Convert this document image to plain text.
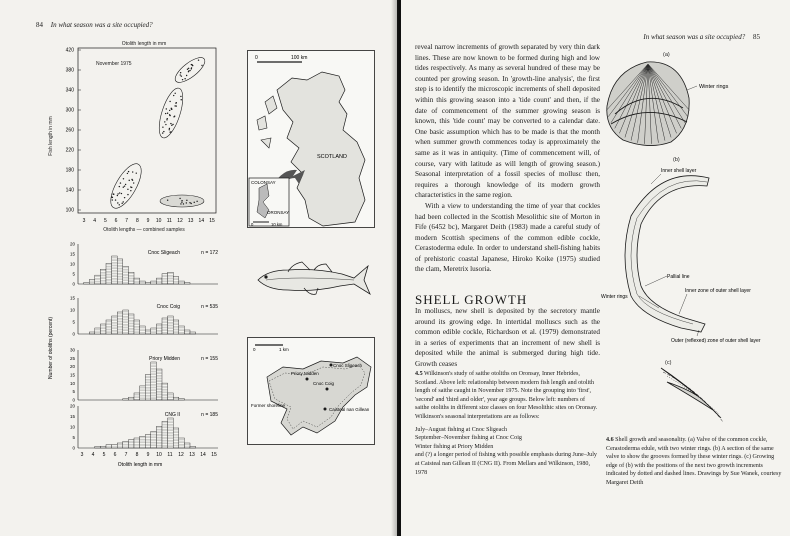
84 In what season was a site occupied?
Otolith length in mm
November 1975
Fish length in mm
Otolith lengths — combined samples
420
380
340
300
260
220
180
140
100
3 4 5 6 7 8 9 10 11 12 13 14 15
Number of otoliths (percent)
20
15
10
5
0
Cnoc Sligeach	n = 172
15
10
5
0
Cnoc Coig	n = 535
30
25
20
15
10
5
0
Priory Midden	n = 155
20
15
10
5
0
CNG II	n = 185
3 4 5 6 7 8 9 10 11 12 13 14 15
Otolith length in mm
0	100 km
SCOTLAND
COLONSAY
ORONSAY
0	10 km
0	1 km
Cnoc Sligeach
Priory Midden
Cnoc Coig
Caisteal nan Gillean
Former shoreline
In what season was a site occupied? 85

reveal narrow increments of growth separated by very thin dark lines. These are now known to be formed during high and low tides respectively. As many as several hundred of these may be counted per growing season. In 'growth-line analysis', the first step is to identify the microscopic increments of shell deposited within this growing season into a 'tide count' and then, if the date of commencement of the summer growing season is known, this 'tide count' may be converted to a calendar date. One basic assumption which has to be made is that the month when summer growth commences today is approximately the same as it was in antiquity. (Time of commencement will, of course, vary with latitude as will length of growing season.) Seasonal interpretation of a fossil species of mollusc then, requires a thorough knowledge of its modern growth characteristics in the same region.

With a view to understanding the time of year that cockles had been collected in the Scottish Mesolithic site of Morton in Fife (6452 bc), Margaret Deith (1983) made a careful study of modern Scottish specimens of the common edible cockle, Cerastoderma edule. In order to understand shell-fishing habits of prehistoric coastal Japanese, Hiroko Koike (1975) studied the clam, Meretrix lusoria.

SHELL GROWTH

In molluscs, new shell is deposited by the secretory mantle around its growing edge. In intertidal molluscs such as the common edible cockle, Richardson et al. (1979) demonstrated in a series of experiments that an increment of new shell is deposited while the animal is submerged during high tide. Growth ceases

4.5 Wilkinson's study of saithe otoliths on Oronsay, Inner Hebrides, Scotland. Above left: relationship between modern fish length and otolith length of saithe caught in November 1975. Note the grouping into 'first', 'second' and 'third and older', year age groups. Below left: numbers of saithe otoliths in different size classes on four Mesolithic sites on Oronsay. Wilkinson's seasonal interpretations are as follows:

July–August fishing at Cnoc Sligeach

September–November fishing at Cnoc Coig

Winter fishing at Priory Midden

and (?) a longer period of fishing with possible emphasis during June–July at Caisteal nan Gillean II (CNG II). From Mellars and Wilkinson, 1980, 1978

(a)
(b)
(c)
Winter rings
Inner shell layer
Pallial line
Winter rings
Inner zone of outer shell layer
Outer (reflexed) zone of outer shell layer

4.6 Shell growth and seasonality. (a) Valve of the common cockle, Cerastoderma edule, with two winter rings. (b) A section of the same valve to show the grooves formed by these winter rings. (c) Growing edge of (b) with the positions of the next two growth increments indicated by dotted and dashed lines. Drawings by Sue Wanek, courtesy Margaret Deith
